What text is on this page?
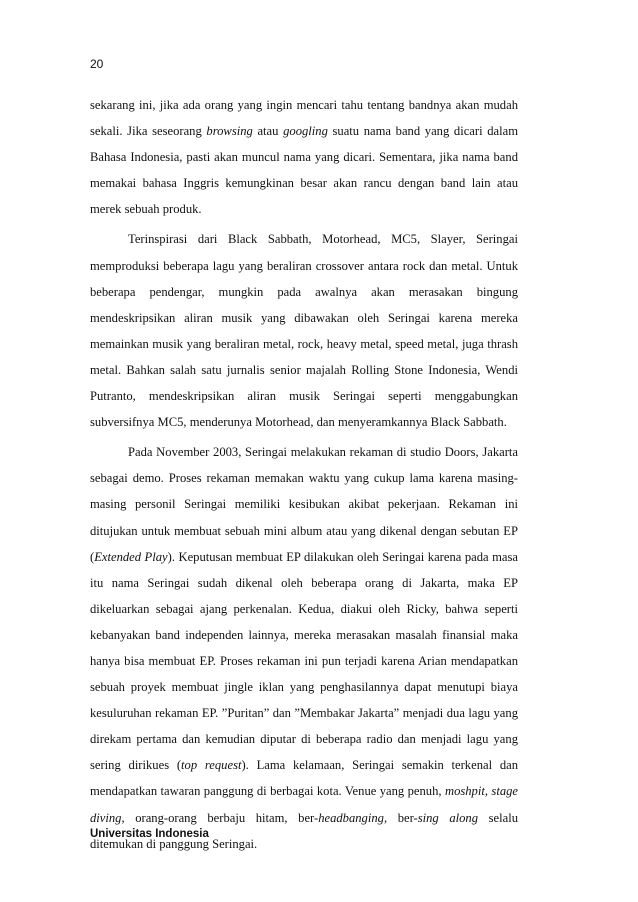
20

sekarang ini, jika ada orang yang ingin mencari tahu tentang bandnya akan mudah sekali. Jika seseorang browsing atau googling suatu nama band yang dicari dalam Bahasa Indonesia, pasti akan muncul nama yang dicari. Sementara, jika nama band memakai bahasa Inggris kemungkinan besar akan rancu dengan band lain atau merek sebuah produk.

Terinspirasi dari Black Sabbath, Motorhead, MC5, Slayer, Seringai memproduksi beberapa lagu yang beraliran crossover antara rock dan metal. Untuk beberapa pendengar, mungkin pada awalnya akan merasakan bingung mendeskripsikan aliran musik yang dibawakan oleh Seringai karena mereka memainkan musik yang beraliran metal, rock, heavy metal, speed metal, juga thrash metal. Bahkan salah satu jurnalis senior majalah Rolling Stone Indonesia, Wendi Putranto, mendeskripsikan aliran musik Seringai seperti menggabungkan subversifnya MC5, menderunya Motorhead, dan menyeramkannya Black Sabbath.

Pada November 2003, Seringai melakukan rekaman di studio Doors, Jakarta sebagai demo. Proses rekaman memakan waktu yang cukup lama karena masing-masing personil Seringai memiliki kesibukan akibat pekerjaan. Rekaman ini ditujukan untuk membuat sebuah mini album atau yang dikenal dengan sebutan EP (Extended Play). Keputusan membuat EP dilakukan oleh Seringai karena pada masa itu nama Seringai sudah dikenal oleh beberapa orang di Jakarta, maka EP dikeluarkan sebagai ajang perkenalan. Kedua, diakui oleh Ricky, bahwa seperti kebanyakan band independen lainnya, mereka merasakan masalah finansial maka hanya bisa membuat EP. Proses rekaman ini pun terjadi karena Arian mendapatkan sebuah proyek membuat jingle iklan yang penghasilannya dapat menutupi biaya kesuluruhan rekaman EP. ”Puritan” dan ”Membakar Jakarta” menjadi dua lagu yang direkam pertama dan kemudian diputar di beberapa radio dan menjadi lagu yang sering dirikues (top request). Lama kelamaan, Seringai semakin terkenal dan mendapatkan tawaran panggung di berbagai kota. Venue yang penuh, moshpit, stage diving, orang-orang berbaju hitam, ber-headbanging, ber-sing along selalu ditemukan di panggung Seringai.

Universitas Indonesia
